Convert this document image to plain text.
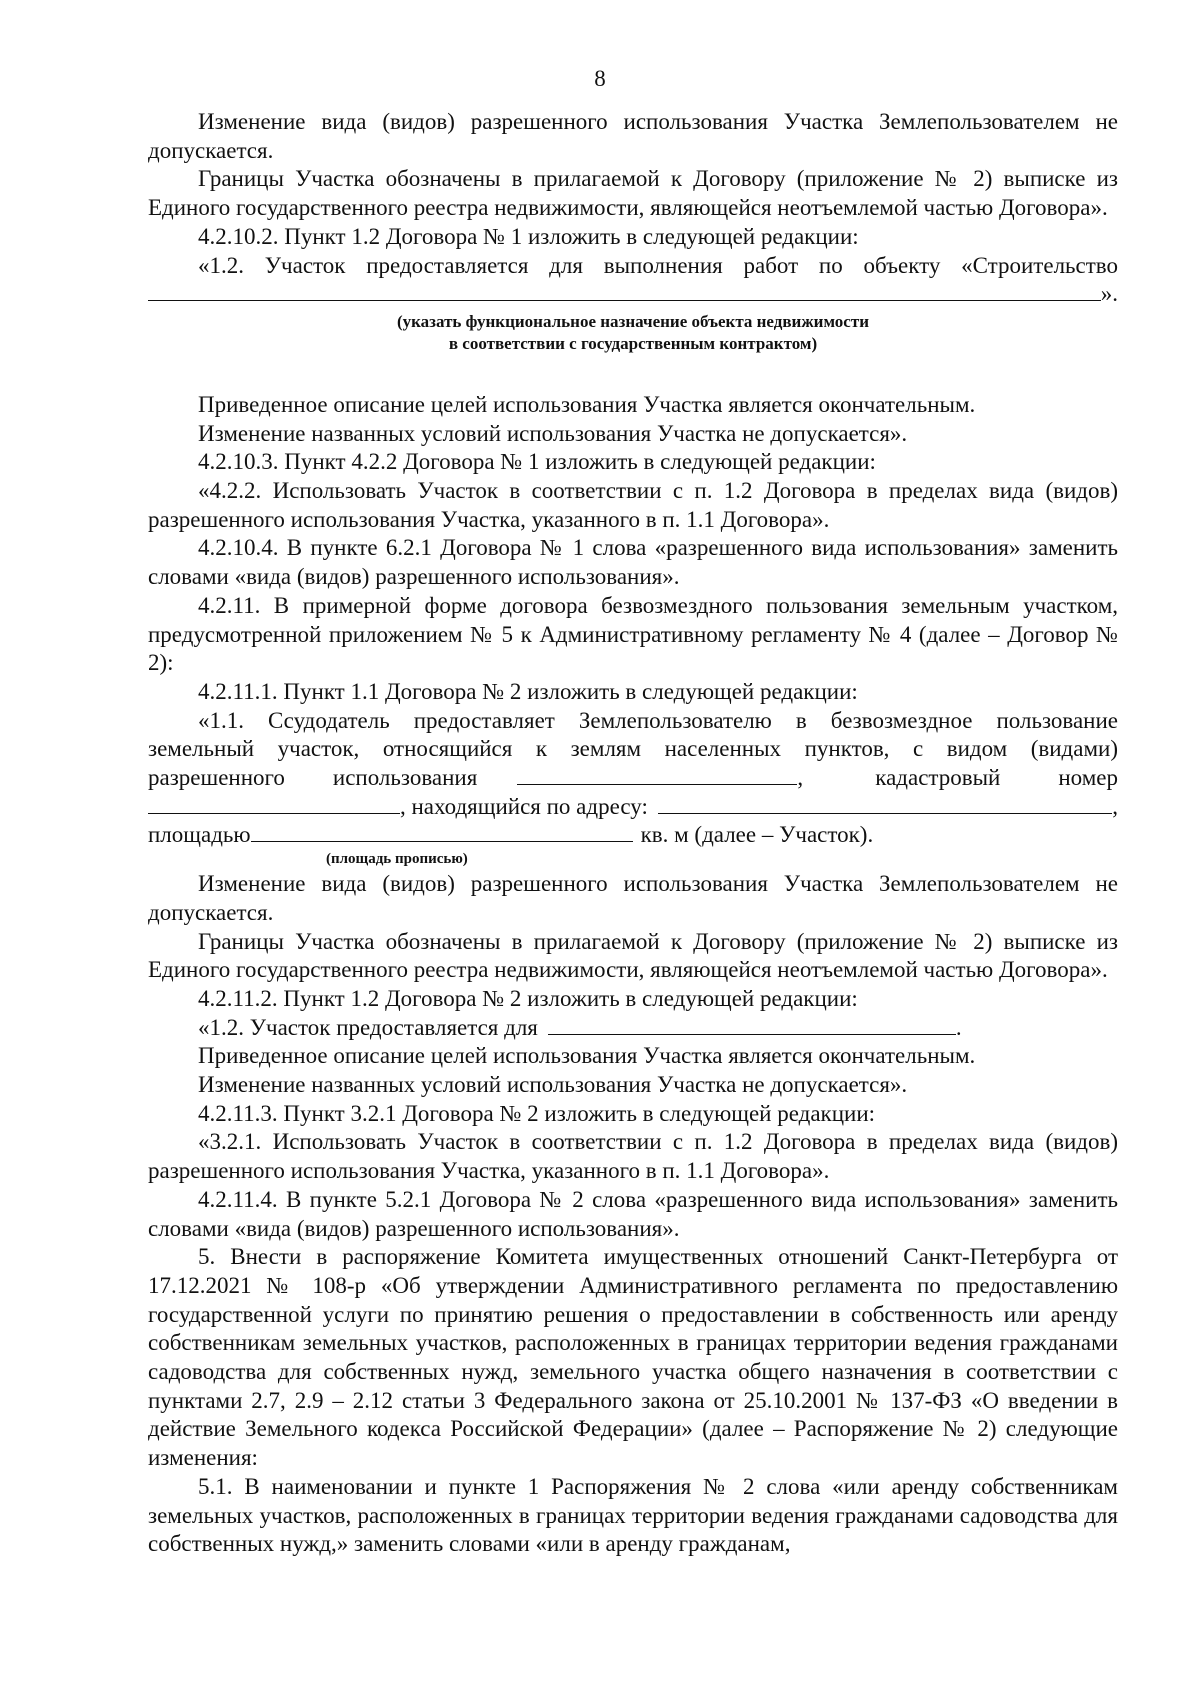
8

Изменение вида (видов) разрешенного использования Участка Землепользователем не допускается.

Границы Участка обозначены в прилагаемой к Договору (приложение № 2) выписке из Единого государственного реестра недвижимости, являющейся неотъемлемой частью Договора».

4.2.10.2. Пункт 1.2 Договора № 1 изложить в следующей редакции:

«1.2. Участок предоставляется для выполнения работ по объекту «Строительство

».

(указать функциональное назначение объекта недвижимости
в соответствии с государственным контрактом)

Приведенное описание целей использования Участка является окончательным.

Изменение названных условий использования Участка не допускается».

4.2.10.3. Пункт 4.2.2 Договора № 1 изложить в следующей редакции:

«4.2.2. Использовать Участок в соответствии с п. 1.2 Договора в пределах вида (видов) разрешенного использования Участка, указанного в п. 1.1 Договора».

4.2.10.4. В пункте 6.2.1 Договора № 1 слова «разрешенного вида использования» заменить словами «вида (видов) разрешенного использования».

4.2.11. В примерной форме договора безвозмездного пользования земельным участком, предусмотренной приложением № 5 к Административному регламенту № 4 (далее – Договор № 2):

4.2.11.1. Пункт 1.1 Договора № 2 изложить в следующей редакции:

«1.1. Ссудодатель предоставляет Землепользователю в безвозмездное пользование земельный участок, относящийся к землям населенных пунктов, с видом (видами)

разрешенного использования	,	кадастровый	номер
, находящийся по адресу:	,
площадью	кв. м (далее – Участок).

(площадь прописью)

Изменение вида (видов) разрешенного использования Участка Землепользователем не допускается.

Границы Участка обозначены в прилагаемой к Договору (приложение № 2) выписке из Единого государственного реестра недвижимости, являющейся неотъемлемой частью Договора».

4.2.11.2. Пункт 1.2 Договора № 2 изложить в следующей редакции:

«1.2. Участок предоставляется для	.

Приведенное описание целей использования Участка является окончательным.

Изменение названных условий использования Участка не допускается».

4.2.11.3. Пункт 3.2.1 Договора № 2 изложить в следующей редакции:

«3.2.1. Использовать Участок в соответствии с п. 1.2 Договора в пределах вида (видов) разрешенного использования Участка, указанного в п. 1.1 Договора».

4.2.11.4. В пункте 5.2.1 Договора № 2 слова «разрешенного вида использования» заменить словами «вида (видов) разрешенного использования».

5. Внести в распоряжение Комитета имущественных отношений Санкт-Петербурга от 17.12.2021 № 108-р «Об утверждении Административного регламента по предоставлению государственной услуги по принятию решения о предоставлении в собственность или аренду собственникам земельных участков, расположенных в границах территории ведения гражданами садоводства для собственных нужд, земельного участка общего назначения в соответствии с пунктами 2.7, 2.9 – 2.12 статьи 3 Федерального закона от 25.10.2001 № 137-ФЗ «О введении в действие Земельного кодекса Российской Федерации» (далее – Распоряжение № 2) следующие изменения:

5.1. В наименовании и пункте 1 Распоряжения № 2 слова «или аренду собственникам земельных участков, расположенных в границах территории ведения гражданами садоводства для собственных нужд,» заменить словами «или в аренду гражданам,
